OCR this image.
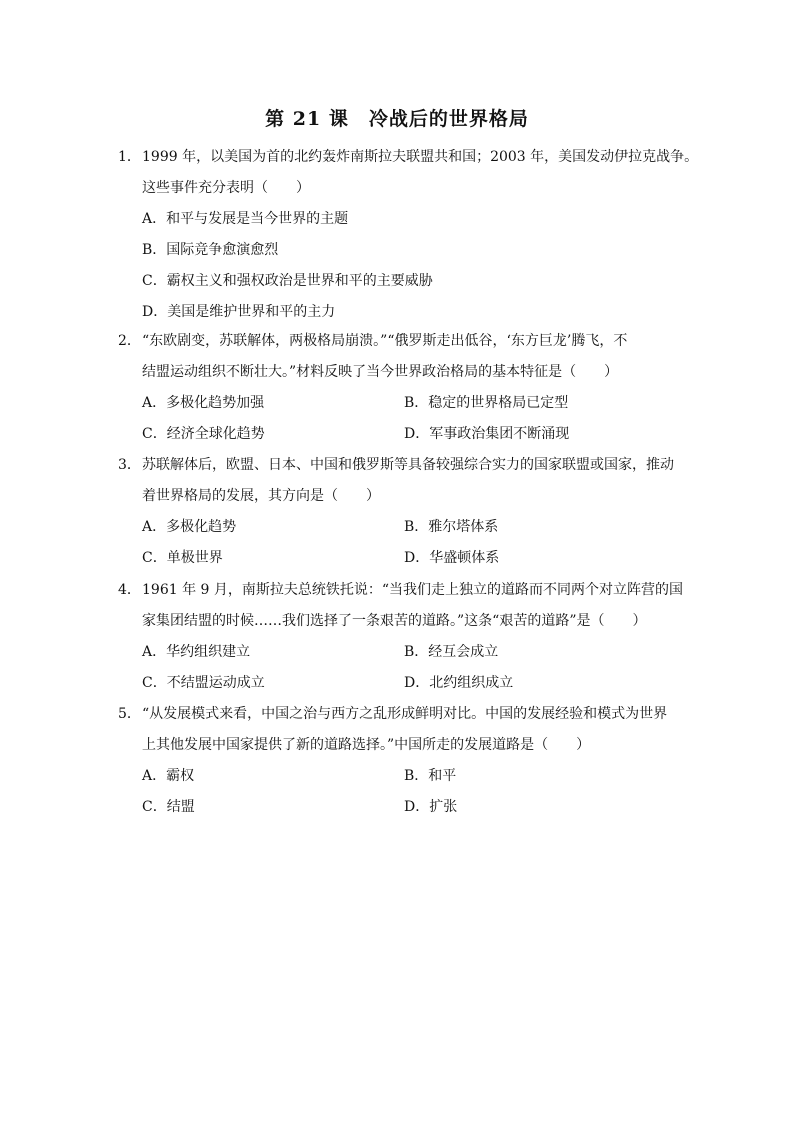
第 21 课　冷战后的世界格局
1．1999 年，以美国为首的北约轰炸南斯拉夫联盟共和国；2003 年，美国发动伊拉克战争。
这些事件充分表明（　　）
A．和平与发展是当今世界的主题
B．国际竞争愈演愈烈
C．霸权主义和强权政治是世界和平的主要威胁
D．美国是维护世界和平的主力
2．“东欧剧变，苏联解体，两极格局崩溃。”“俄罗斯走出低谷，‘东方巨龙’腾飞，不
结盟运动组织不断壮大。”材料反映了当今世界政治格局的基本特征是（　　）
A．多极化趋势加强	B．稳定的世界格局已定型
C．经济全球化趋势	D．军事政治集团不断涌现
3．苏联解体后，欧盟、日本、中国和俄罗斯等具备较强综合实力的国家联盟或国家，推动
着世界格局的发展，其方向是（　　）
A．多极化趋势	B．雅尔塔体系
C．单极世界	D．华盛顿体系
4．1961 年 9 月，南斯拉夫总统铁托说：“当我们走上独立的道路而不同两个对立阵营的国
家集团结盟的时候……我们选择了一条艰苦的道路。”这条“艰苦的道路”是（　　）
A．华约组织建立	B．经互会成立
C．不结盟运动成立	D．北约组织成立
5．“从发展模式来看，中国之治与西方之乱形成鲜明对比。中国的发展经验和模式为世界
上其他发展中国家提供了新的道路选择。”中国所走的发展道路是（　　）
A．霸权	B．和平
C．结盟	D．扩张
